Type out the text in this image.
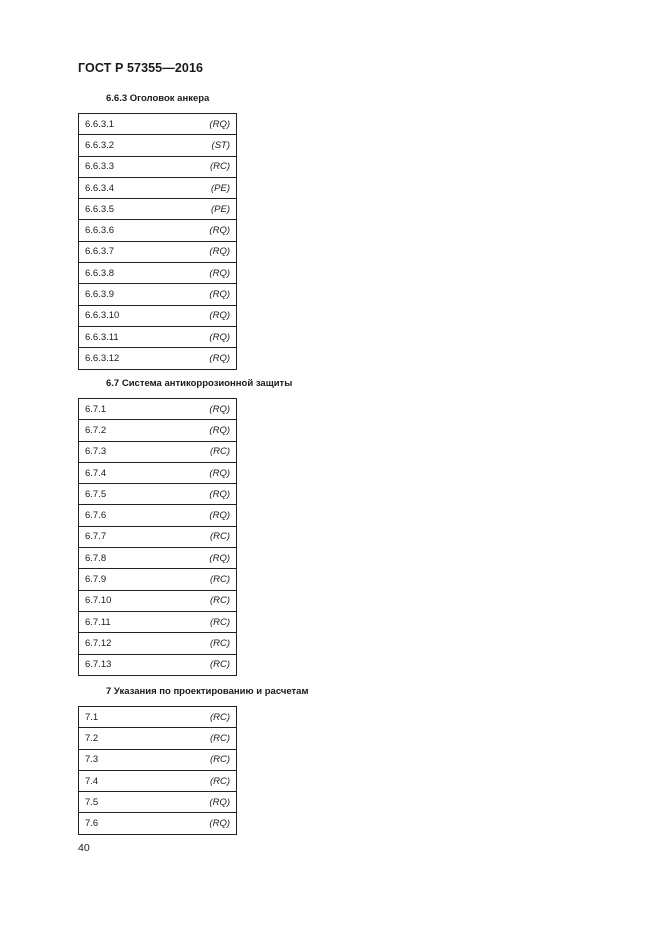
ГОСТ Р 57355—2016
6.6.3 Оголовок анкера
6.6.3.1	(RQ)
6.6.3.2	(ST)
6.6.3.3	(RC)
6.6.3.4	(PE)
6.6.3.5	(PE)
6.6.3.6	(RQ)
6.6.3.7	(RQ)
6.6.3.8	(RQ)
6.6.3.9	(RQ)
6.6.3.10	(RQ)
6.6.3.11	(RQ)
6.6.3.12	(RQ)
6.7 Система антикоррозионной защиты
6.7.1	(RQ)
6.7.2	(RQ)
6.7.3	(RC)
6.7.4	(RQ)
6.7.5	(RQ)
6.7.6	(RQ)
6.7.7	(RC)
6.7.8	(RQ)
6.7.9	(RC)
6.7.10	(RC)
6.7.11	(RC)
6.7.12	(RC)
6.7.13	(RC)
7 Указания по проектированию и расчетам
7.1	(RC)
7.2	(RC)
7.3	(RC)
7.4	(RC)
7.5	(RQ)
7.6	(RQ)
40
